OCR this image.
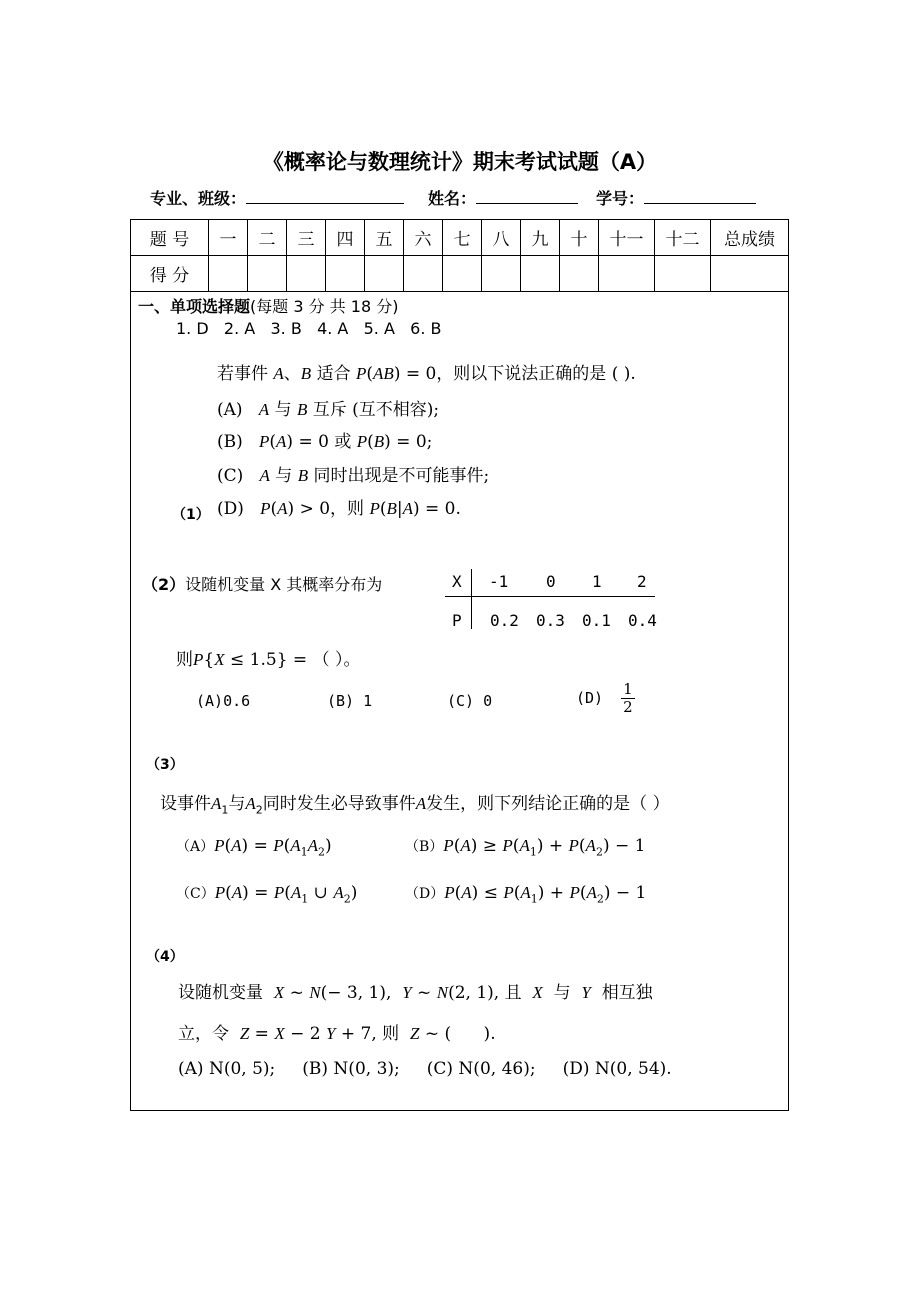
《概率论与数理统计》期末考试试题（A）
专业、班级：	姓名：	学号：
题 号	一	二	三	四	五	六	七	八	九	十	十一	十二	总成绩
得 分													
一、单项选择题(每题 3 分 共 18 分)
1. D   2. A   3. B   4. A   5. A   6. B
若事件 A、B 适合 P(AB) = 0，则以下说法正确的是 ( ).
(A) A 与 B 互斥 (互不相容);
(B) P(A) = 0 或 P(B) = 0;
(C) A 与 B 同时出现是不可能事件;
(D) P(A) > 0，则 P(B|A) = 0.
（1）
（2）设随机变量 X 其概率分布为	X -1 0 1 2
P 0.2 0.3 0.1 0.4
则P{X ≤ 1.5} = （ ）。
(A)0.6	(B) 1	(C) 0	$(D) \frac{1}{2}$
（3）
设事件$A_1$与$A_2$同时发生必导致事件A发生，则下列结论正确的是（ ）
$(A)P(A) = P(A_1A_2)$	$(B)P(A) \ge P(A_1) + P(A_2) - 1$
$(C)P(A) = P(A_1$ ∪ $A_2$)	$(D)P(A) \le P(A_1) + P(A_2) - 1$
（4）
设随机变量 X ~ N(− 3, 1),  Y ~ N(2, 1), 且 X 与 Y 相互独
立，令 Z = X − 2 Y + 7, 则 Z ~ (      ).
(A) N(0, 5);     (B) N(0, 3);     (C) N(0, 46);     (D) N(0, 54).
